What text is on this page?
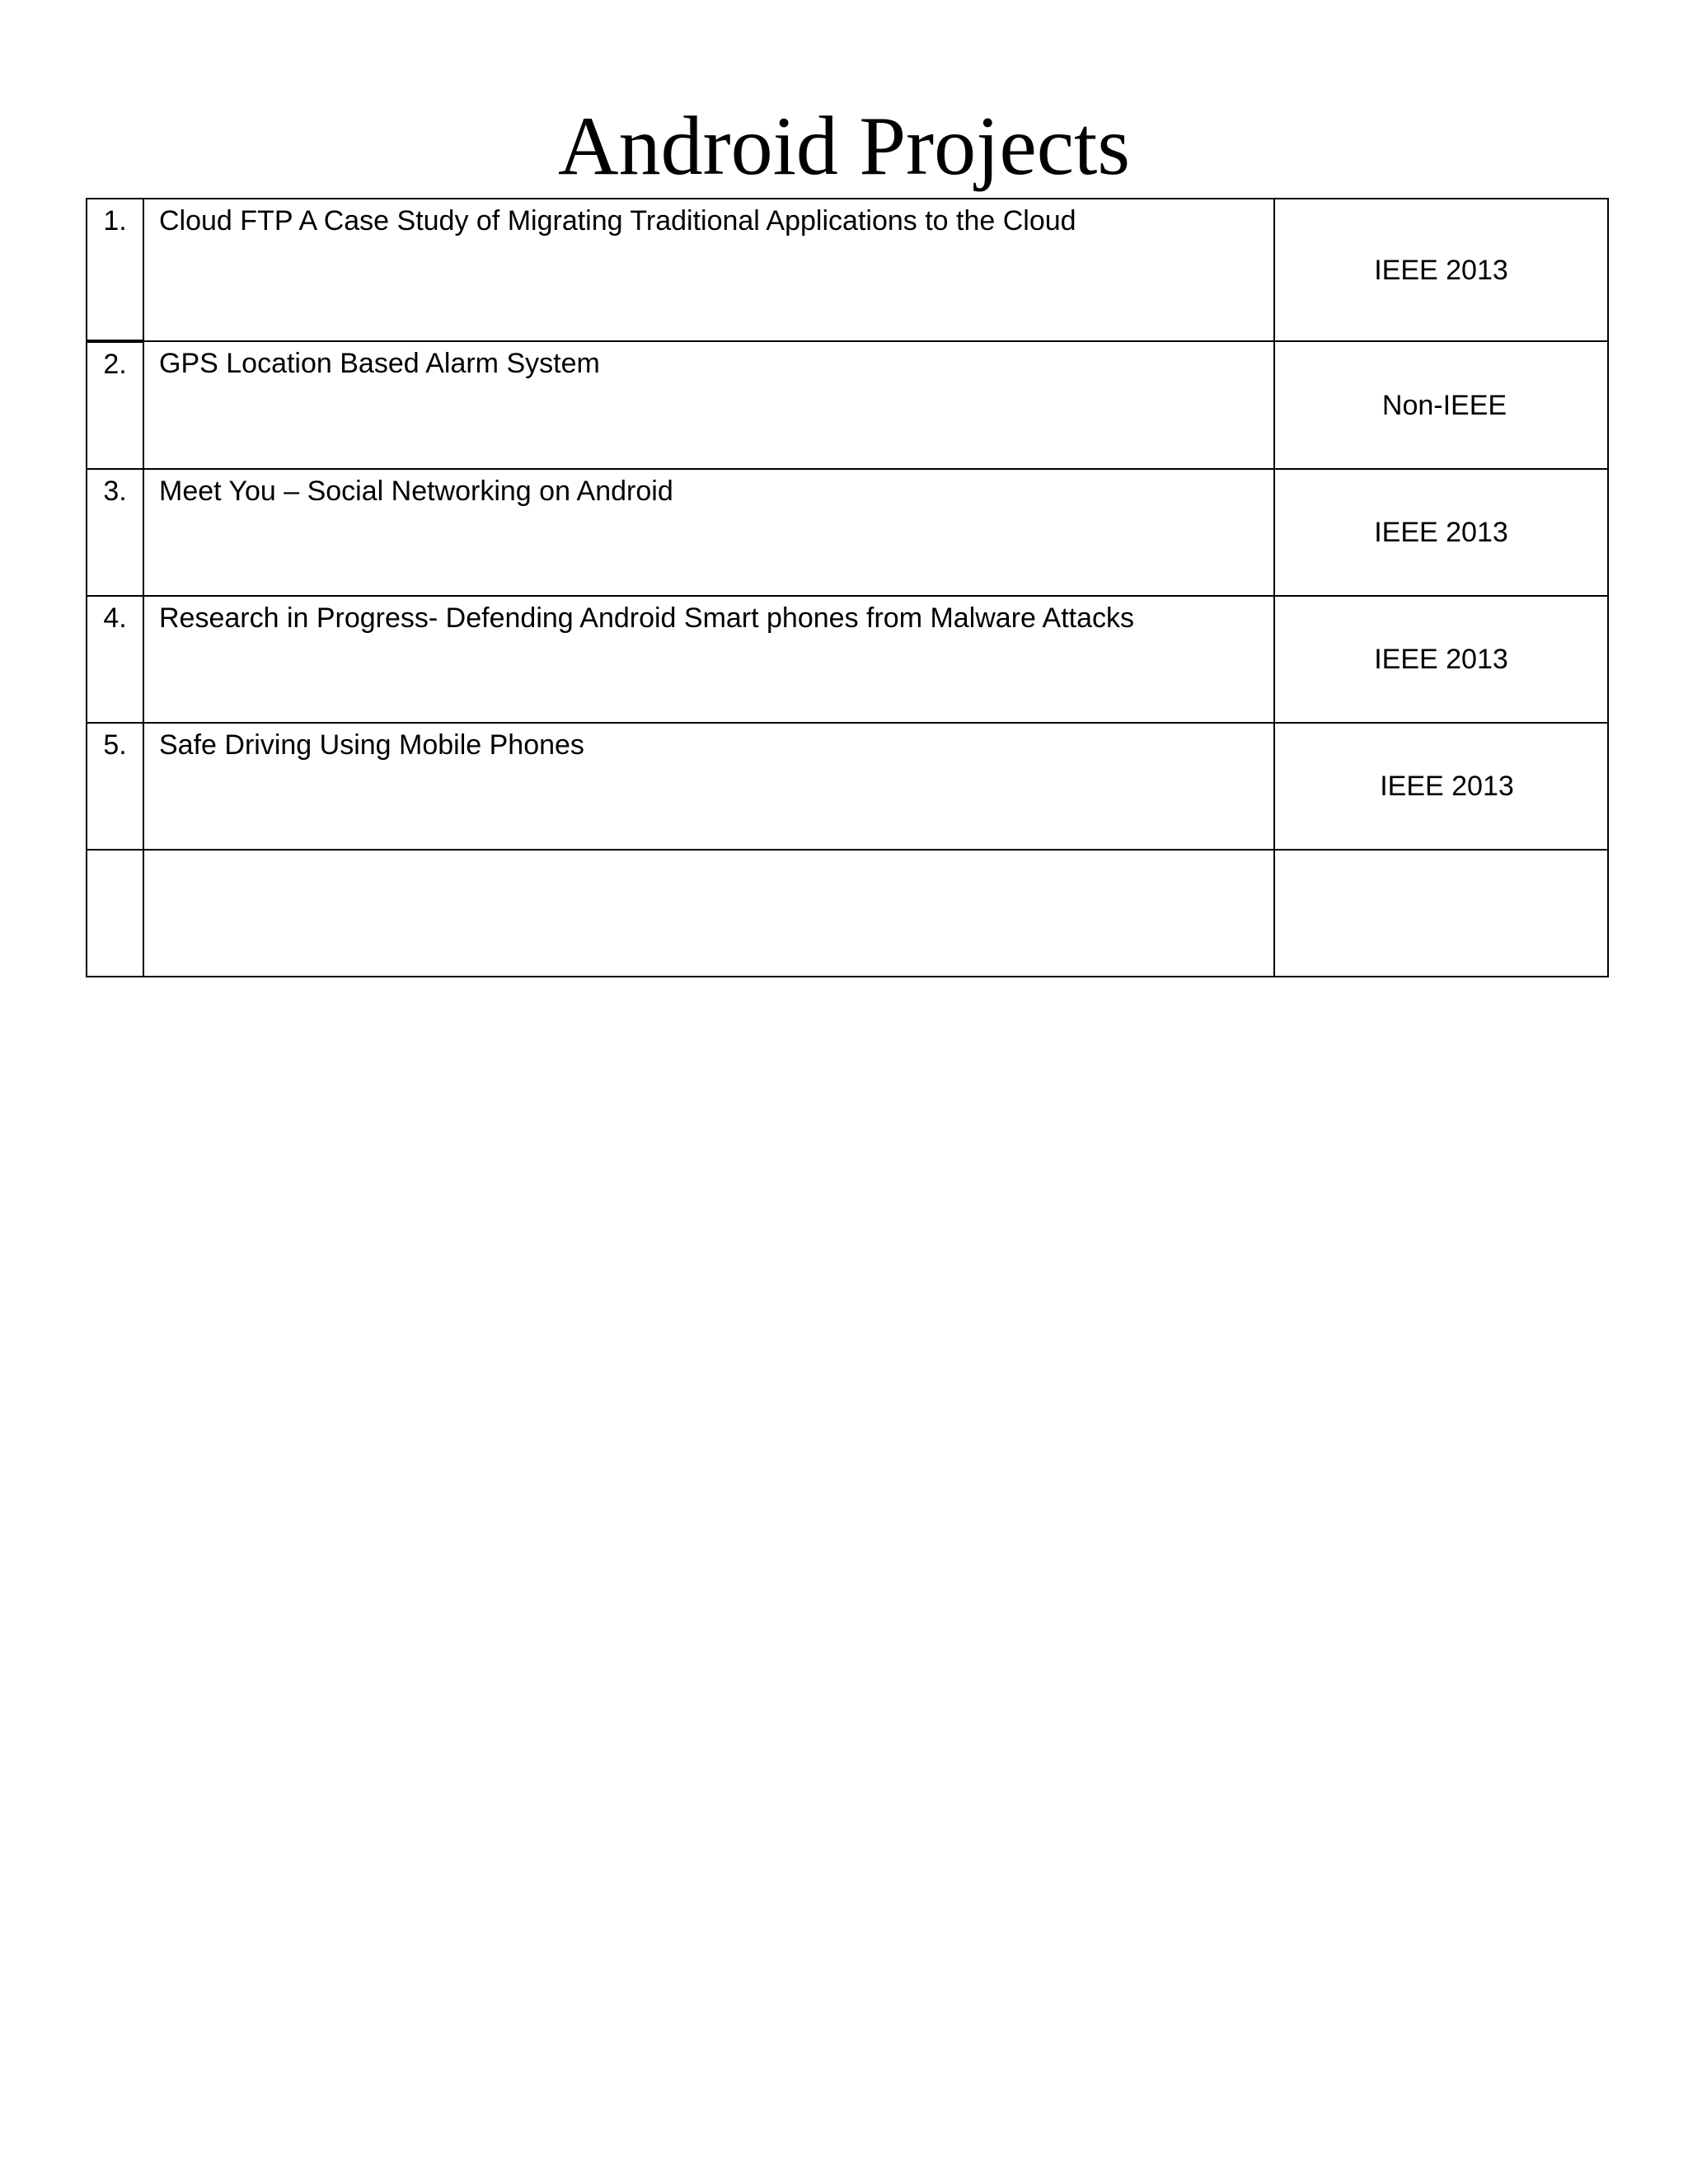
Android Projects
1.	Cloud FTP A Case Study of Migrating Traditional Applications to the Cloud	IEEE 2013
2.	GPS Location Based Alarm System	Non-IEEE
3.	Meet You – Social Networking on Android	IEEE 2013
4.	Research in Progress- Defending Android Smart phones from Malware Attacks	IEEE 2013
5.	Safe Driving Using Mobile Phones	IEEE 2013
